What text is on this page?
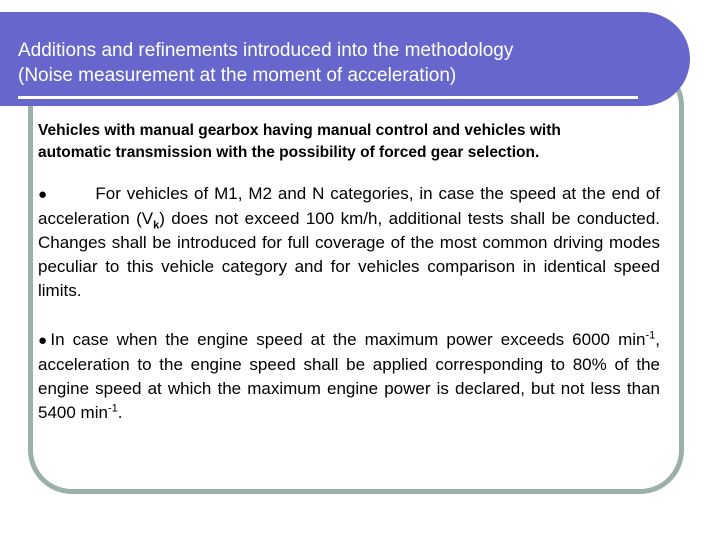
Additions and refinements introduced into the methodology
(Noise measurement at the moment of acceleration)
Vehicles with manual gearbox having manual control and vehicles with
automatic transmission with the possibility of forced gear selection.
●	For vehicles of M1, M2 and N categories, in case the speed at the end of acceleration $(V_k)$ does not exceed 100 km/h, additional tests shall be conducted. Changes shall be introduced for full coverage of the most common driving modes peculiar to this vehicle category and for vehicles comparison in identical speed limits.
●In case when the engine speed at the maximum power exceeds 6000 $\min^{-1}$, acceleration to the engine speed shall be applied corresponding to 80% of the engine speed at which the maximum engine power is declared, but not less than 5400 $\min^{-1}$.
